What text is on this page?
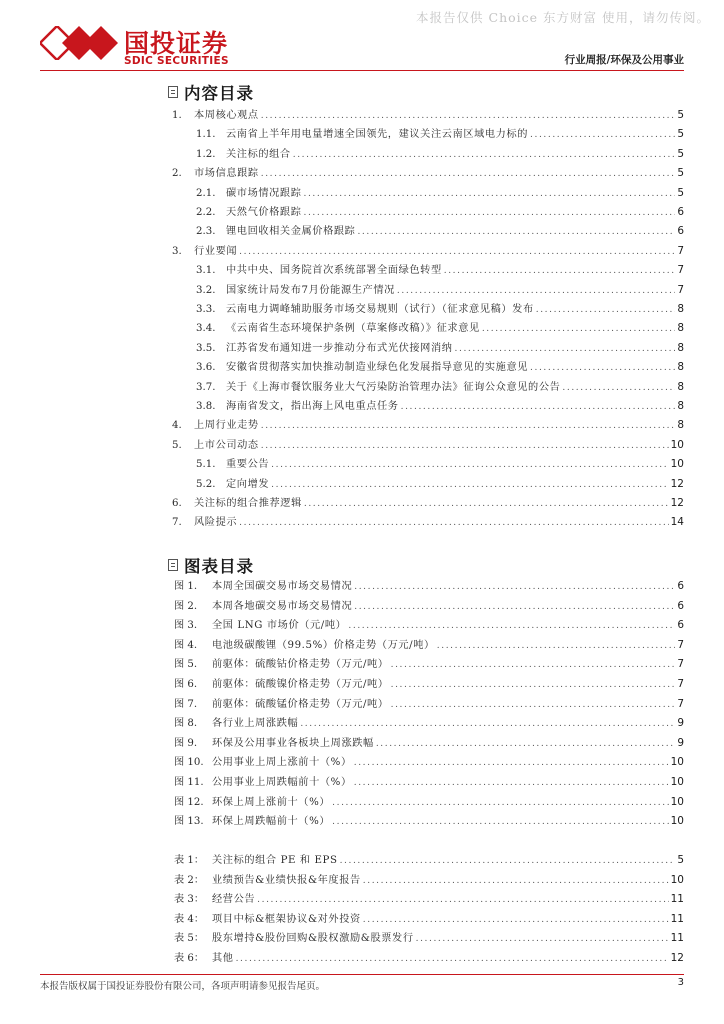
本报告仅供 Choice 东方财富 使用，请勿传阅。
国投证券
SDIC SECURITIES	行业周报/环保及公用事业
内容目录
1.	本周核心观点 .....	5
1.1. 云南省上半年用电量增速全国领先，建议关注云南区域电力标的 .....	5
1.2. 关注标的组合 .....	5
2.	市场信息跟踪 .....	5
2.1. 碳市场情况跟踪 .....	5
2.2. 天然气价格跟踪 .....	6
2.3. 锂电回收相关金属价格跟踪 .....	6
3.	行业要闻 .....	7
3.1. 中共中央、国务院首次系统部署全面绿色转型 .....	7
3.2. 国家统计局发布7月份能源生产情况 .....	7
3.3. 云南电力调峰辅助服务市场交易规则（试行）（征求意见稿）发布 .....	8
3.4. 《云南省生态环境保护条例（草案修改稿）》征求意见 .....	8
3.5. 江苏省发布通知进一步推动分布式光伏接网消纳 .....	8
3.6. 安徽省贯彻落实加快推动制造业绿色化发展指导意见的实施意见 .....	8
3.7. 关于《上海市餐饮服务业大气污染防治管理办法》征询公众意见的公告 .....	8
3.8. 海南省发文，指出海上风电重点任务 .....	8
4.	上周行业走势 .....	8
5.	上市公司动态 .....	10
5.1. 重要公告 .....	10
5.2. 定向增发 .....	12
6.	关注标的组合推荐逻辑 .....	12
7.	风险提示 .....	14
图表目录
图 1.	本周全国碳交易市场交易情况 .....	6
图 2.	本周各地碳交易市场交易情况 .....	6
图 3.	全国 LNG 市场价（元/吨） .....	6
图 4.	电池级碳酸锂（99.5%）价格走势（万元/吨） .....	7
图 5.	前驱体：硫酸钴价格走势（万元/吨） .....	7
图 6.	前驱体：硫酸镍价格走势（万元/吨） .....	7
图 7.	前驱体：硫酸锰价格走势（万元/吨） .....	7
图 8.	各行业上周涨跌幅 .....	9
图 9.	环保及公用事业各板块上周涨跌幅 .....	9
图 10. 公用事业上周上涨前十（%） .....	10
图 11. 公用事业上周跌幅前十（%） .....	10
图 12. 环保上周上涨前十（%） .....	10
图 13. 环保上周跌幅前十（%） .....	10
表 1： 关注标的组合 PE 和 EPS .....	5
表 2： 业绩预告&业绩快报&年度报告 .....	10
表 3： 经营公告 .....	11
表 4： 项目中标&框架协议&对外投资 .....	11
表 5： 股东增持&股份回购&股权激励&股票发行 .....	11
表 6： 其他 .....	12
本报告版权属于国投证券股份有限公司，各项声明请参见报告尾页。	3
